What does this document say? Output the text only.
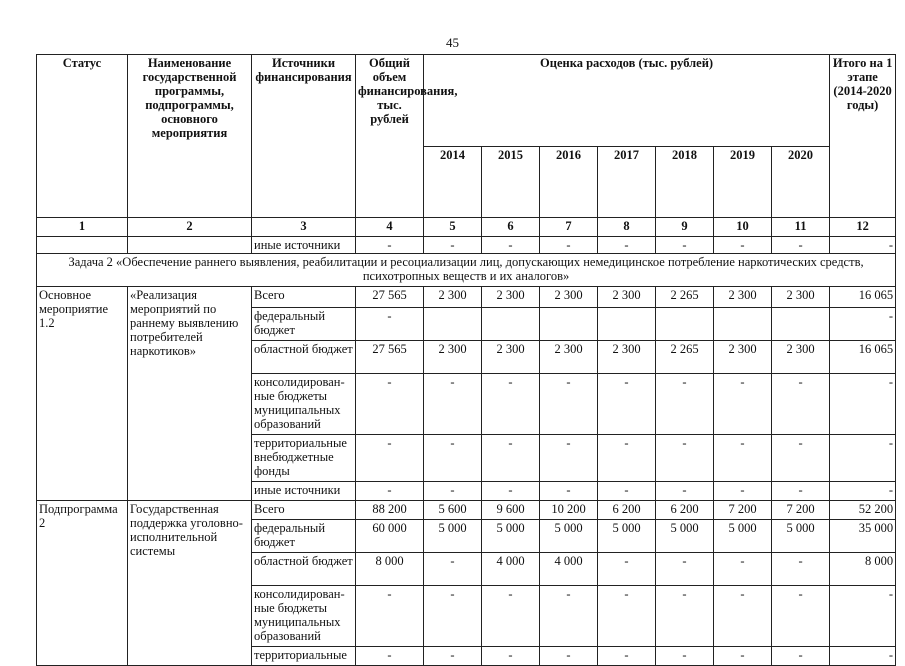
45
Статус	Наименование государственной программы, подпрограммы, основного мероприятия	Источники финансирования	Общий объем финансирования, тыс. рублей	Оценка расходов (тыс. рублей)							Итого на 1 этапе (2014-2020 годы)
				2014	2015	2016	2017	2018	2019	2020	
1	2	3	4	5	6	7	8	9	10	11	12
		иные источники	-	-	-	-	-	-	-	-	-
Задача 2 «Обеспечение раннего выявления, реабилитации и ресоциализации лиц, допускающих немедицинское потребление наркотических средств, психотропных веществ и их аналогов»											
Основное мероприятие 1.2	«Реализация мероприятий по раннему выявлению потребителей наркотиков»	Всего	27 565	2 300	2 300	2 300	2 300	2 265	2 300	2 300	16 065
		федеральный бюджет	-								-
		областной бюджет	27 565	2 300	2 300	2 300	2 300	2 265	2 300	2 300	16 065
		консолидирован-ные бюджеты муниципальных образований	-	-	-	-	-	-	-	-	-
		территориальные внебюджетные фонды	-	-	-	-	-	-	-	-	-
		иные источники	-	-	-	-	-	-	-	-	-
Подпрограмма 2	Государственная поддержка уголовно-исполнительной системы	Всего	88 200	5 600	9 600	10 200	6 200	6 200	7 200	7 200	52 200
		федеральный бюджет	60 000	5 000	5 000	5 000	5 000	5 000	5 000	5 000	35 000
		областной бюджет	8 000	-	4 000	4 000	-	-	-	-	8 000
		консолидирован-ные бюджеты муниципальных образований	-	-	-	-	-	-	-	-	-
		территориальные	-	-	-	-	-	-	-	-	-
